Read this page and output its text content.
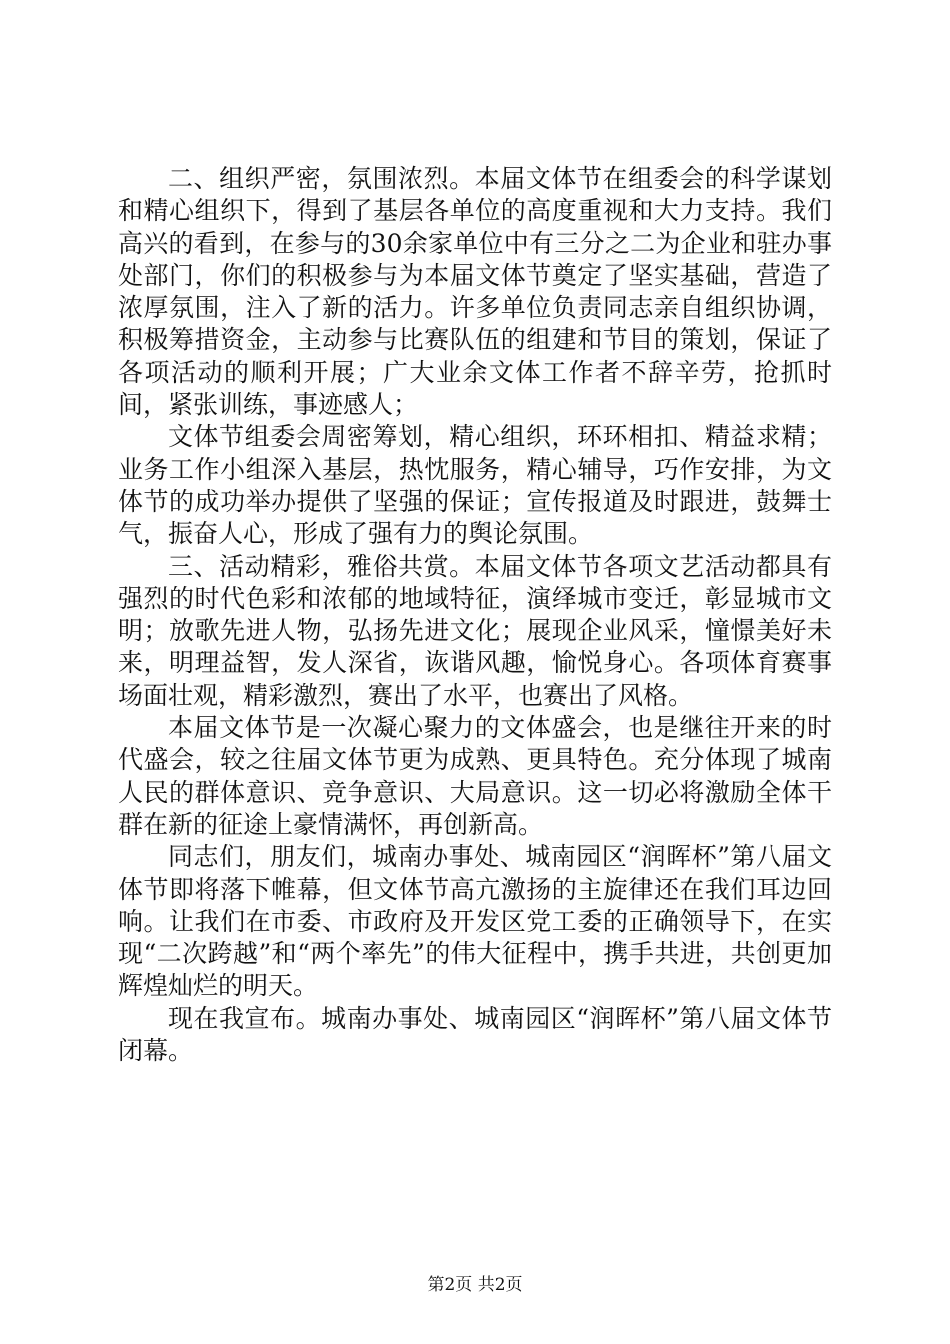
二、组织严密，氛围浓烈。本届文体节在组委会的科学谋划和精心组织下，得到了基层各单位的高度重视和大力支持。我们高兴的看到，在参与的30余家单位中有三分之二为企业和驻办事处部门，你们的积极参与为本届文体节奠定了坚实基础，营造了浓厚氛围，注入了新的活力。许多单位负责同志亲自组织协调，积极筹措资金，主动参与比赛队伍的组建和节目的策划，保证了各项活动的顺利开展；广大业余文体工作者不辞辛劳，抢抓时间，紧张训练，事迹感人；

文体节组委会周密筹划，精心组织，环环相扣、精益求精；业务工作小组深入基层，热忱服务，精心辅导，巧作安排，为文体节的成功举办提供了坚强的保证；宣传报道及时跟进，鼓舞士气，振奋人心，形成了强有力的舆论氛围。

三、活动精彩，雅俗共赏。本届文体节各项文艺活动都具有强烈的时代色彩和浓郁的地域特征，演绎城市变迁，彰显城市文明；放歌先进人物，弘扬先进文化；展现企业风采，憧憬美好未来，明理益智，发人深省，诙谐风趣，愉悦身心。各项体育赛事场面壮观，精彩激烈，赛出了水平，也赛出了风格。

本届文体节是一次凝心聚力的文体盛会，也是继往开来的时代盛会，较之往届文体节更为成熟、更具特色。充分体现了城南人民的群体意识、竞争意识、大局意识。这一切必将激励全体干群在新的征途上豪情满怀，再创新高。

同志们，朋友们，城南办事处、城南园区“润晖杯”第八届文体节即将落下帷幕，但文体节高亢激扬的主旋律还在我们耳边回响。让我们在市委、市政府及开发区党工委的正确领导下，在实现“二次跨越”和“两个率先”的伟大征程中，携手共进，共创更加辉煌灿烂的明天。

现在我宣布。城南办事处、城南园区“润晖杯”第八届文体节闭幕。

第2页 共2页
